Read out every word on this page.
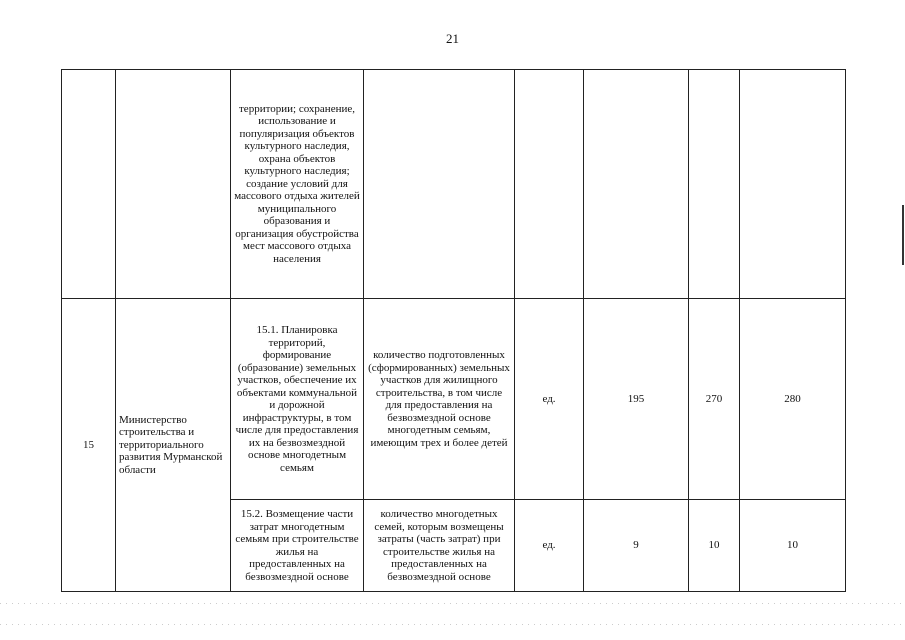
21
		территории; сохранение, использование и популяризация объектов культурного наследия, охрана объектов культурного наследия; создание условий для массового отдыха жителей муниципального образования и организация обустройства мест массового отдыха населения					
15	Министерство строительства и территориального развития Мурманской области	15.1. Планировка территорий, формирование (образование) земельных участков, обеспечение их объектами коммунальной и дорожной инфраструктуры, в том числе для предоставления их на безвозмездной основе многодетным семьям	количество подготовленных (сформированных) земельных участков для жилищного строительства, в том числе для предоставления на безвозмездной основе многодетным семьям, имеющим трех и более детей	ед.	195	270	280
		15.2. Возмещение части затрат многодетным семьям при строительстве жилья на предоставленных на безвозмездной основе	количество многодетных семей, которым возмещены затраты (часть затрат) при строительстве жилья на предоставленных на безвозмездной основе	ед.	9	10	10
